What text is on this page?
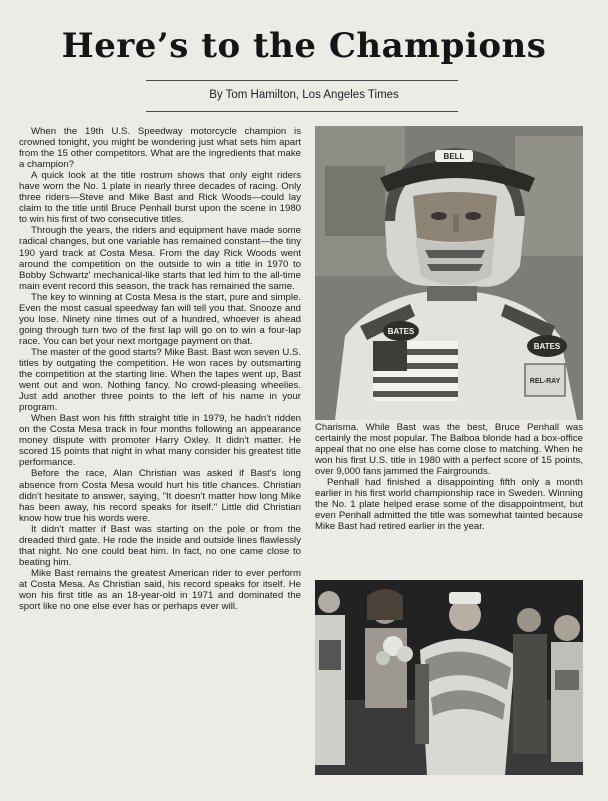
Here’s to the Champions
By Tom Hamilton, Los Angeles Times

When the 19th U.S. Speedway motorcycle champion is crowned tonight, you might be wondering just what sets him apart from the 15 other competitors. What are the ingredients that make a champion?

A quick look at the title rostrum shows that only eight riders have worn the No. 1 plate in nearly three decades of racing. Only three riders—Steve and Mike Bast and Rick Woods—could lay claim to the title until Bruce Penhall burst upon the scene in 1980 to win his first of two consecutive titles.

Through the years, the riders and equipment have made some radical changes, but one variable has remained constant—the tiny 190 yard track at Costa Mesa. From the day Rick Woods went around the competition on the outside to win a title in 1970 to Bobby Schwartz' mechanical-like starts that led him to the all-time main event record this season, the track has remained the same.

The key to winning at Costa Mesa is the start, pure and simple. Even the most casual speedway fan will tell you that. Snooze and you lose. Ninety nine times out of a hundred, whoever is ahead going through turn two of the first lap will go on to win a four-lap race. You can bet your next mortgage payment on that.

The master of the good starts? Mike Bast. Bast won seven U.S. titles by outgating the competition. He won races by outsmarting the competition at the starting line. When the tapes went up, Bast went out and won. Nothing fancy. No crowd-pleasing wheelies. Just add another three points to the left of his name in your program.

When Bast won his fifth straight title in 1979, he hadn't ridden on the Costa Mesa track in four months following an appearance money dispute with promoter Harry Oxley. It didn't matter. He scored 15 points that night in what many consider his greatest title performance.

Before the race, Alan Christian was asked if Bast's long absence from Costa Mesa would hurt his title chances. Christian didn't hesitate to answer, saying, "It doesn't matter how long Mike has been away, his record speaks for itself." Little did Christian know how true his words were.

It didn't matter if Bast was starting on the pole or from the dreaded third gate. He rode the inside and outside lines flawlessly that night. No one could beat him. In fact, no one came close to beating him.

Mike Bast remains the greatest American rider to ever perform at Costa Mesa. As Christian said, his record speaks for itself. He won his first title as an 18-year-old in 1971 and dominated the sport like no one else ever has or perhaps ever will.

BATES
BATES
REL-RAY
BELL

Charisma. While Bast was the best, Bruce Penhall was certainly the most popular. The Balboa blonde had a box-office appeal that no one else has come close to matching. When he won his first U.S. title in 1980 with a perfect score of 15 points, over 9,000 fans jammed the Fairgrounds.

Penhall had finished a disappointing fifth only a month earlier in his first world championship race in Sweden. Winning the No. 1 plate helped erase some of the disappointment, but even Penhall admitted the title was somewhat tainted because Mike Bast had retired earlier in the year.
